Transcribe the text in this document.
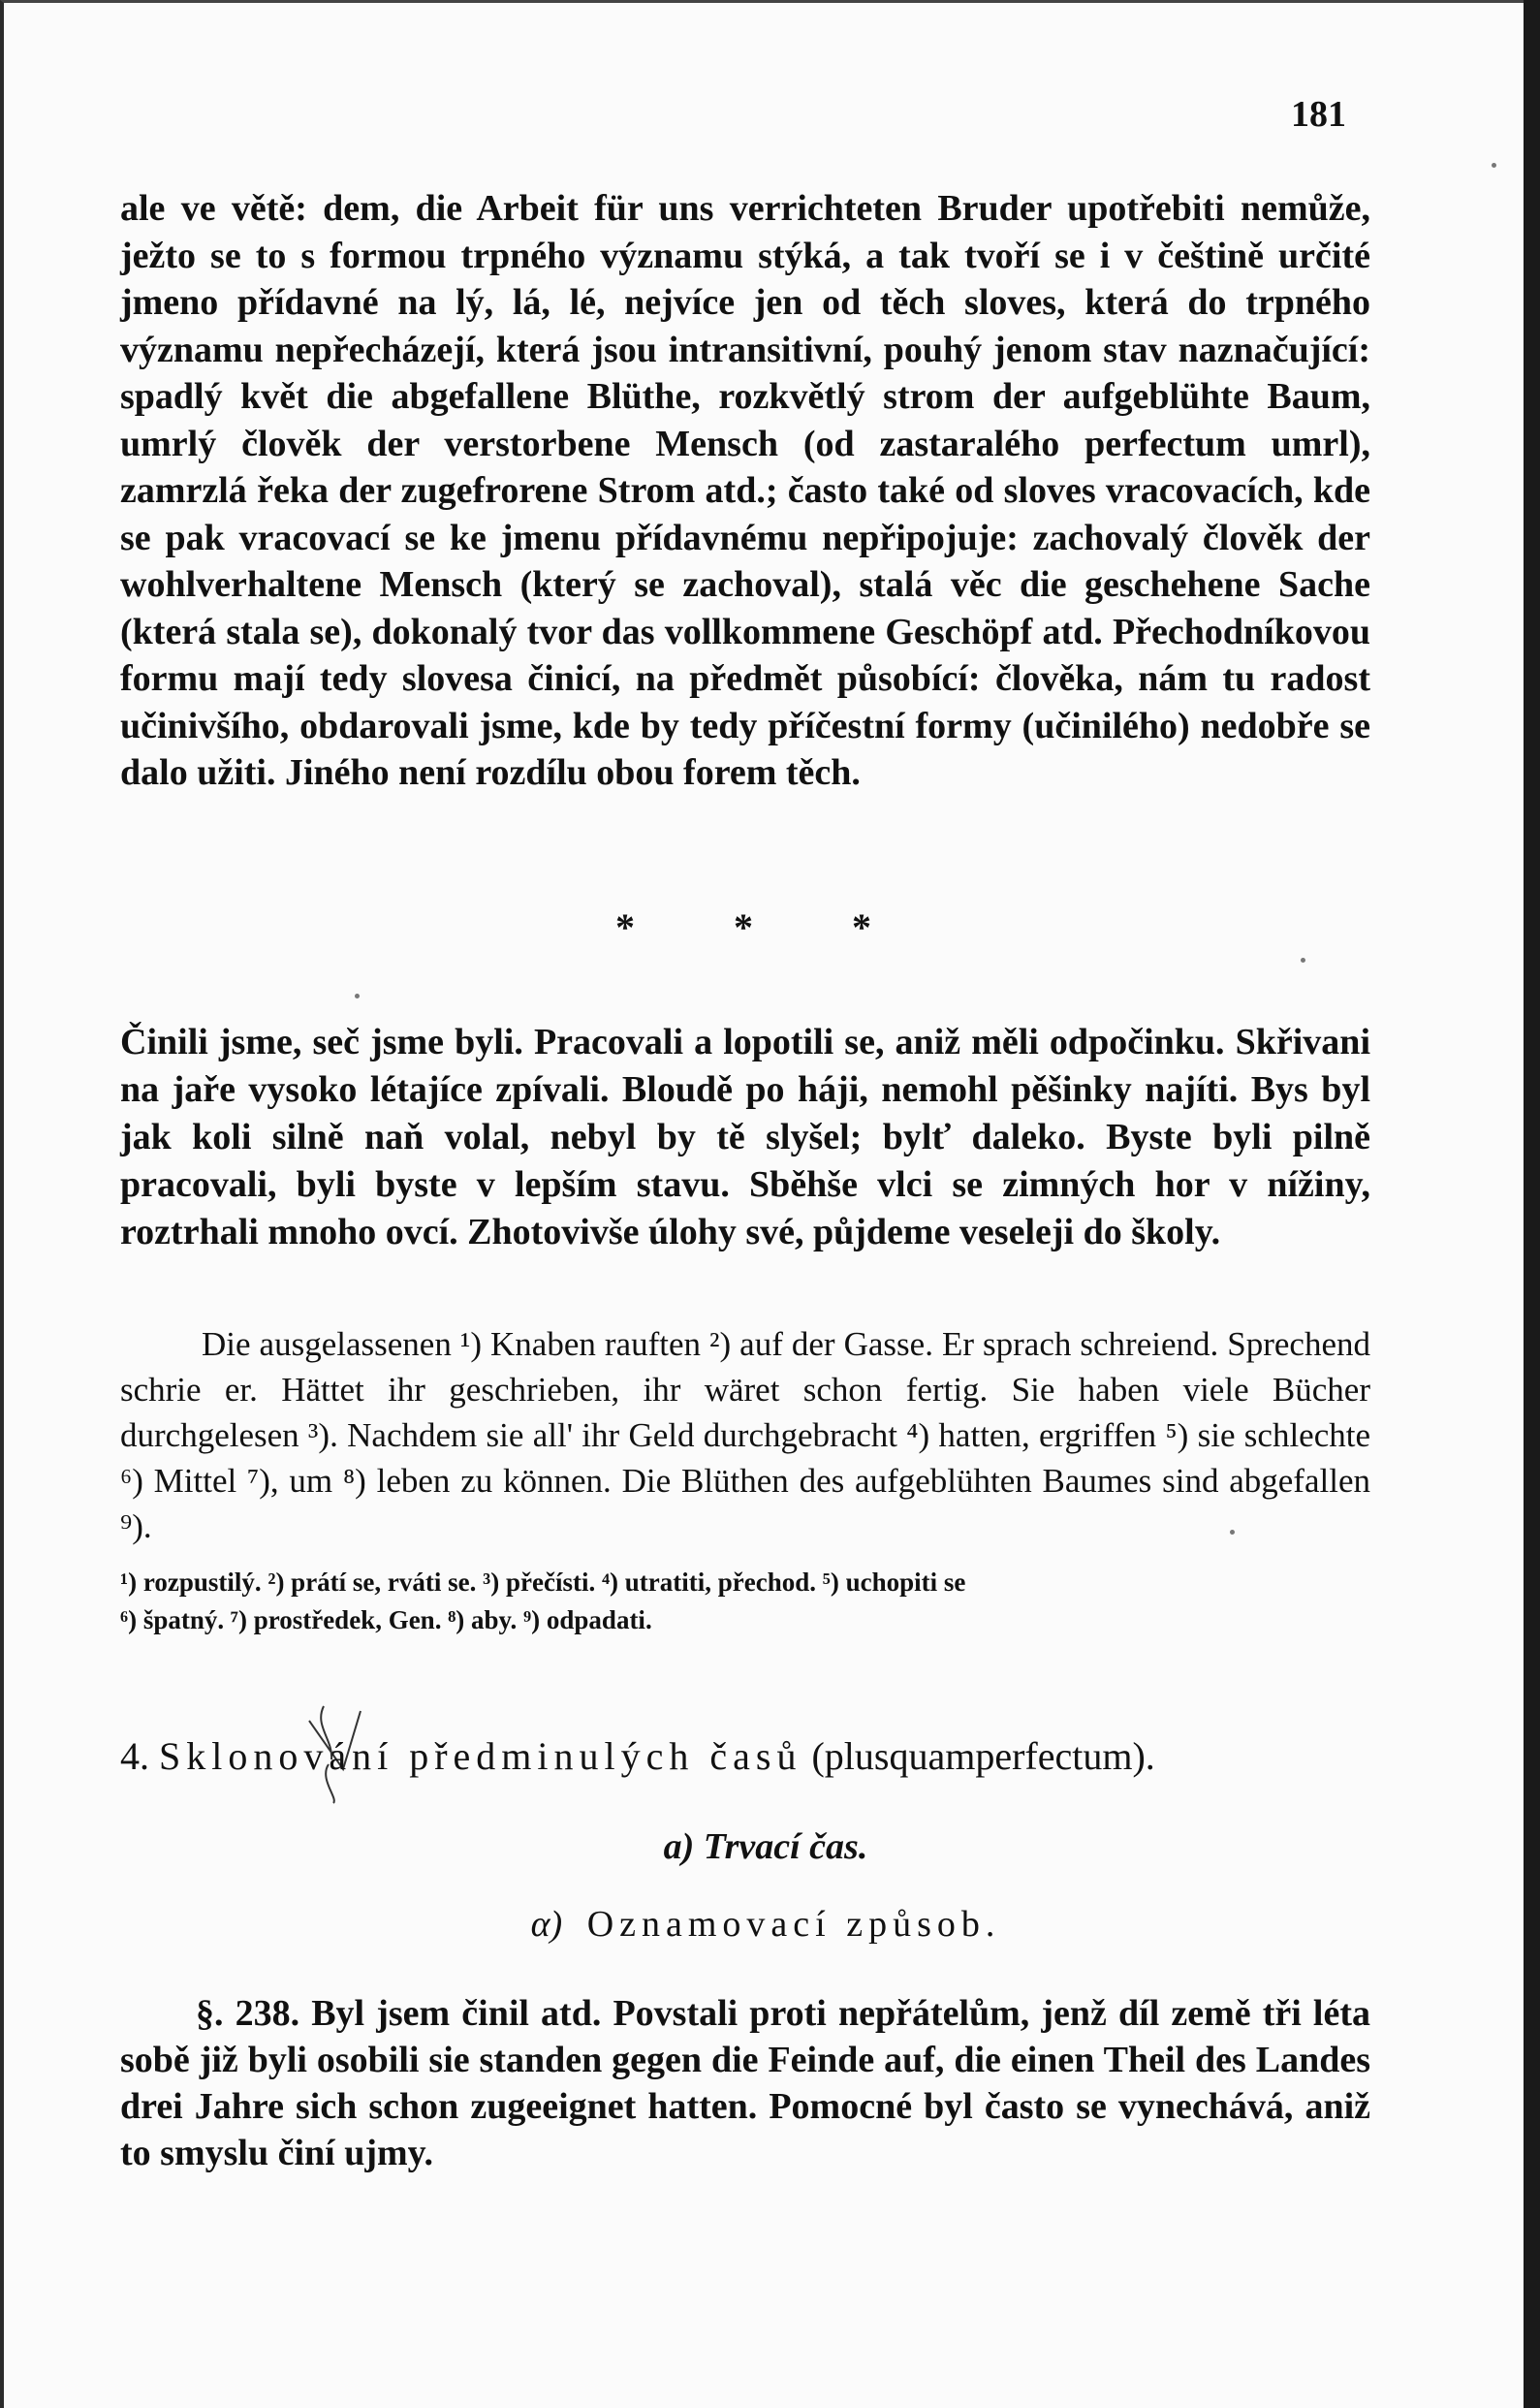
181

ale ve větě: dem, die Arbeit für uns verrichteten Bruder upotřebiti nemůže, ježto se to s formou trpného významu stýká, a tak tvoří se i v češtině určité jmeno přídavné na lý, lá, lé, nejvíce jen od těch sloves, která do trpného významu nepřecházejí, která jsou intransitivní, pouhý jenom stav naznačující: spadlý květ die abgefallene Blüthe, rozkvětlý strom der aufgeblühte Baum, umrlý člověk der verstorbene Mensch (od zastaralého perfectum umrl), zamrzlá řeka der zugefrorene Strom atd.; často také od sloves vracovacích, kde se pak vracovací se ke jmenu přídavnému nepřipojuje: zachovalý člověk der wohlverhaltene Mensch (který se zachoval), stalá věc die geschehene Sache (která stala se), dokonalý tvor das vollkommene Geschöpf atd. Přechodníkovou formu mají tedy slovesa činicí, na předmět působící: člověka, nám tu radost učinivšího, obdarovali jsme, kde by tedy příčestní formy (učinilého) nedobře se dalo užiti. Jiného není rozdílu obou forem těch.

* * *

Činili jsme, seč jsme byli. Pracovali a lopotili se, aniž měli odpočinku. Skřivani na jaře vysoko létajíce zpívali. Bloudě po háji, nemohl pěšinky najíti. Bys byl jak koli silně naň volal, nebyl by tě slyšel; bylť daleko. Byste byli pilně pracovali, byli byste v lepším stavu. Sběhše vlci se zimných hor v nížiny, roztrhali mnoho ovcí. Zhotovivše úlohy své, půjdeme veseleji do školy.

Die ausgelassenen ¹) Knaben rauften ²) auf der Gasse. Er sprach schreiend. Sprechend schrie er. Hättet ihr geschrieben, ihr wäret schon fertig. Sie haben viele Bücher durchgelesen ³). Nachdem sie all' ihr Geld durchgebracht ⁴) hatten, ergriffen ⁵) sie schlechte ⁶) Mittel ⁷), um ⁸) leben zu können. Die Blüthen des aufgeblühten Baumes sind abgefallen ⁹).

¹) rozpustilý. ²) prátí se, rváti se. ³) přečísti. ⁴) utratiti, přechod. ⁵) uchopiti se

⁶) špatný. ⁷) prostředek, Gen. ⁸) aby. ⁹) odpadati.

4. Sklonování předminulých časů (plusquamperfectum).
a) Trvací čas.
α) Oznamovací způsob.

§. 238. Byl jsem činil atd. Povstali proti nepřátelům, jenž díl země tři léta sobě již byli osobili sie standen gegen die Feinde auf, die einen Theil des Landes drei Jahre sich schon zugeeignet hatten. Pomocné byl často se vynechává, aniž to smyslu činí ujmy.
